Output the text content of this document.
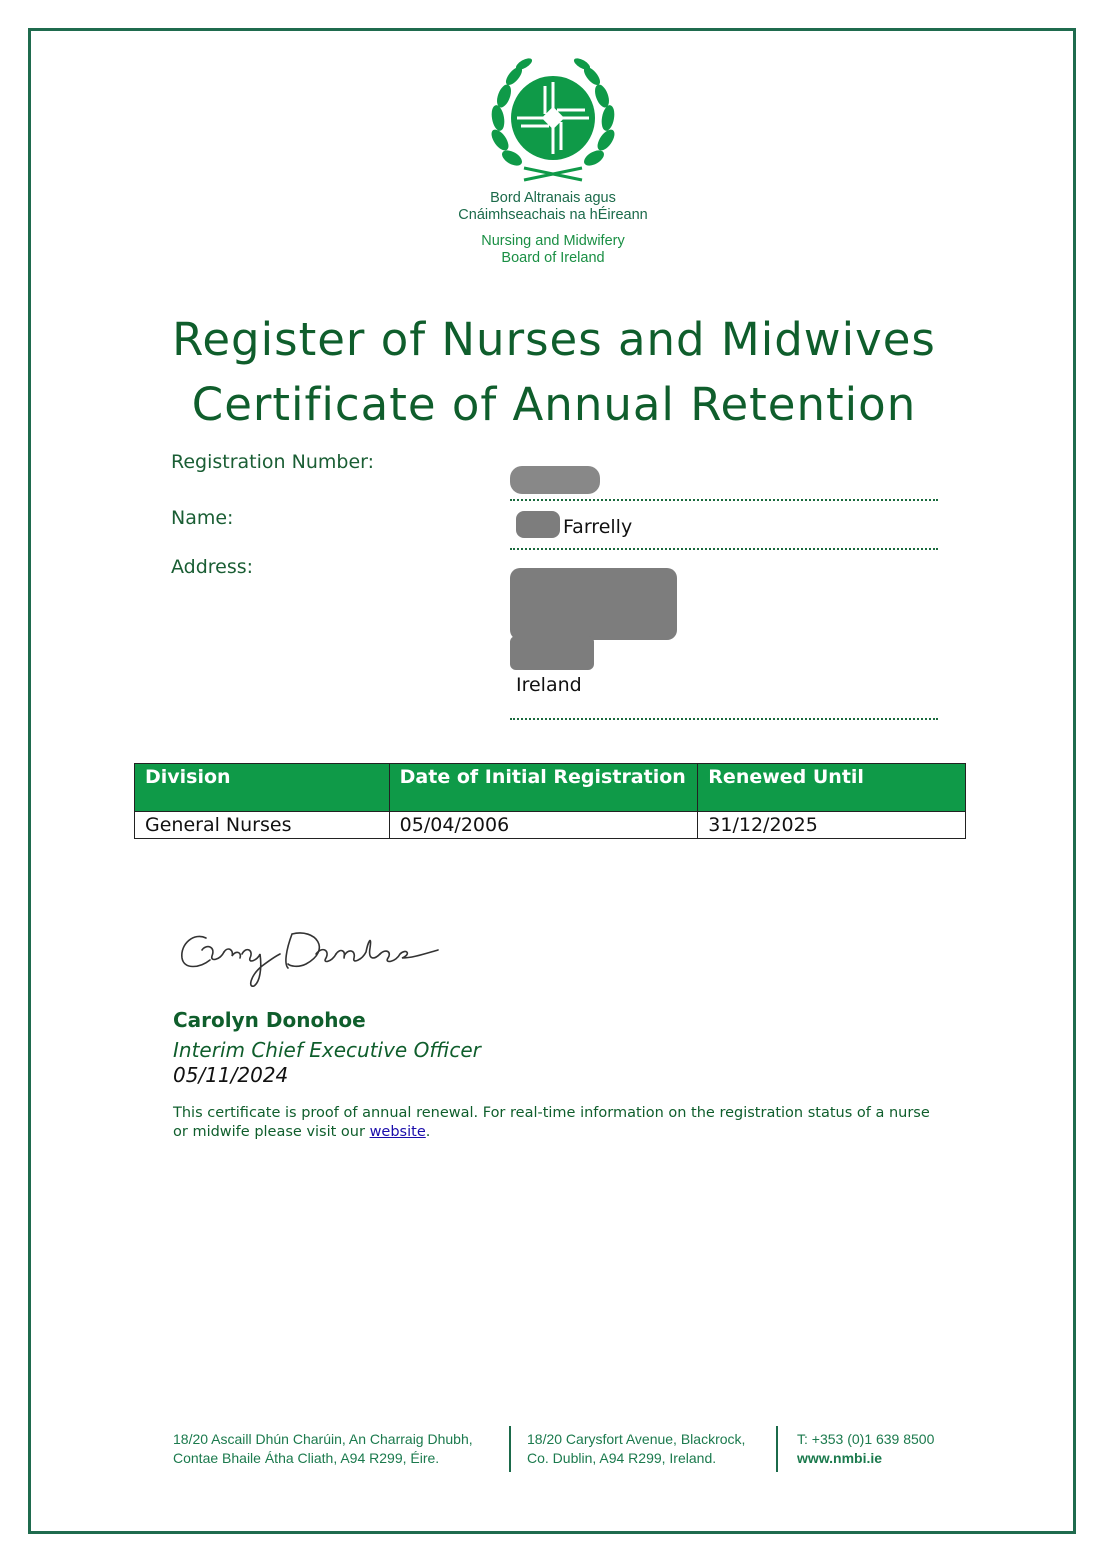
Bord Altranais agus
Cnáimhseachais na hÉireann
Nursing and Midwifery
Board of Ireland
Register of Nurses and Midwives
Certificate of Annual Retention
Registration Number:
Name:	Farrelly
Address:
Ireland
Division	Date of Initial Registration	Renewed Until
General Nurses	05/04/2006	31/12/2025
Carolyn Donohoe
Interim Chief Executive Officer
05/11/2024
This certificate is proof of annual renewal. For real-time information on the registration status of a nurse or midwife please visit our website.
18/20 Ascaill Dhún Charúin, An Charraig Dhubh,
Contae Bhaile Átha Cliath, A94 R299, Éire.
18/20 Carysfort Avenue, Blackrock,
Co. Dublin, A94 R299, Ireland.
T: +353 (0)1 639 8500
www.nmbi.ie
